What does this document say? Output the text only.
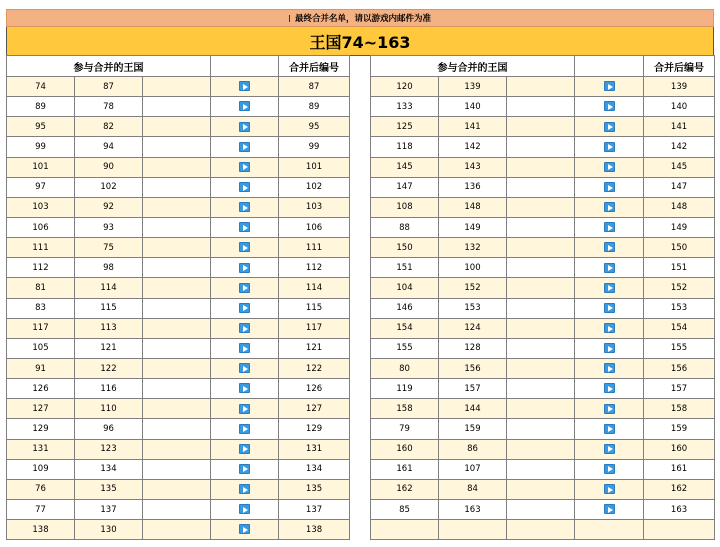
最终合并名单，请以游戏内邮件为准
王国74~163
参与合并的王国				合并后编号
74	87			87
89	78			89
95	82			95
99	94			99
101	90			101
97	102			102
103	92			103
106	93			106
111	75			111
112	98			112
81	114			114
83	115			115
117	113			117
105	121			121
91	122			122
126	116			126
127	110			127
129	96			129
131	123			131
109	134			134
76	135			135
77	137			137
138	130			138
参与合并的王国				合并后编号
120	139			139
133	140			140
125	141			141
118	142			142
145	143			145
147	136			147
108	148			148
88	149			149
150	132			150
151	100			151
104	152			152
146	153			153
154	124			154
155	128			155
80	156			156
119	157			157
158	144			158
79	159			159
160	86			160
161	107			161
162	84			162
85	163			163
